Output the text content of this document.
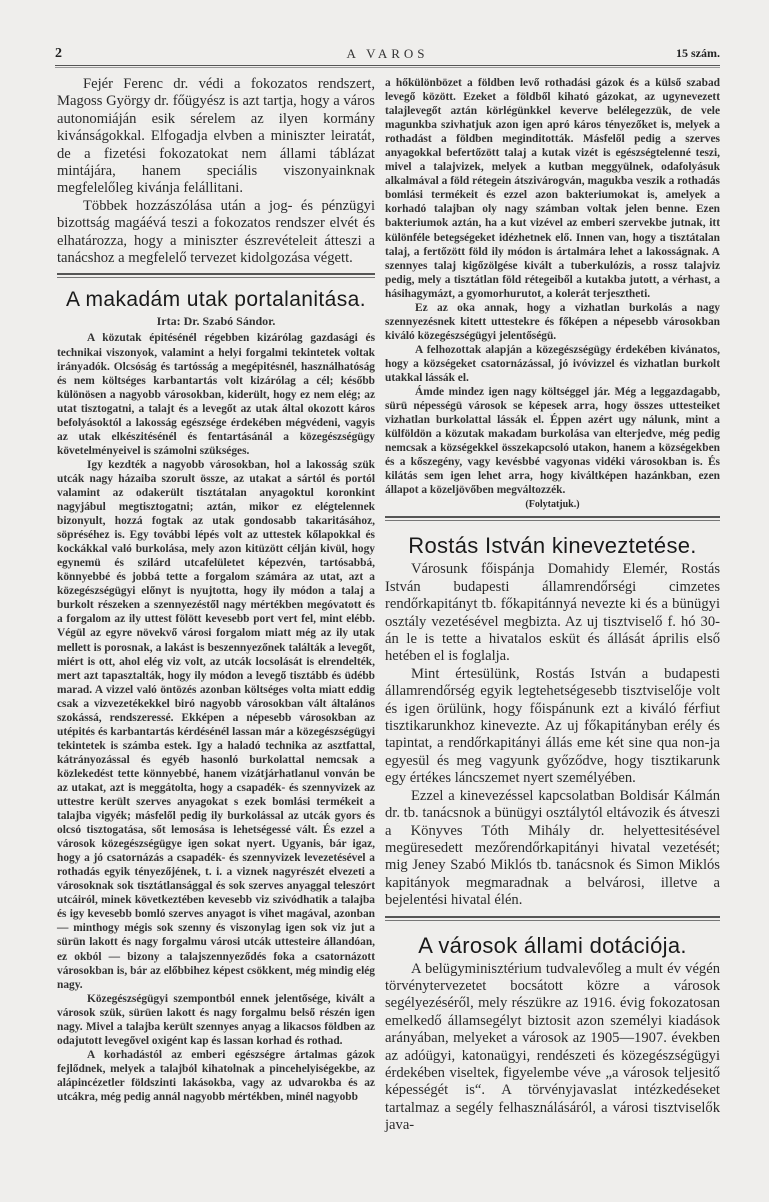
2	A VAROS	15 szám.

Fejér Ferenc dr. védi a fokozatos rendszert, Magoss György dr. főügyész is azt tartja, hogy a város autonomiáján esik sérelem az ilyen kormány kivánságokkal. Elfogadja elvben a miniszter leiratát, de a fizetési fokozatokat nem állami táblázat mintájára, hanem speciális viszonyainknak megfelelőleg kivánja felállitani.

Többek hozzászólása után a jog- és pénzügyi bizottság magáévá teszi a fokozatos rendszer elvét és elhatározza, hogy a miniszter észrevételeit átteszi a tanácshoz a megfelelő tervezet kidolgozása végett.

A makadám utak portalanitása.
Irta: Dr. Szabó Sándor.

A közutak épitésénél régebben kizárólag gazdasági és technikai viszonyok, valamint a helyi forgalmi tekintetek voltak irányadók. Olcsóság és tartósság a megépitésnél, használhatóság és nem költséges karbantartás volt kizárólag a cél; később különösen a nagyobb városokban, kiderült, hogy ez nem elég; az utat tisztogatni, a talajt és a levegőt az utak által okozott káros befolyásoktól a lakosság egészsége érdekében mégvédeni, vagyis az utak elkészitésénél és fentartásánál a közegészségügy követelményeivel is számolni szükséges.

Igy kezdték a nagyobb városokban, hol a lakosság szük utcák nagy házaiba szorult össze, az utakat a sártól és portól valamint az odakerült tisztátalan anyagoktul koronkint nagyjábul megtisztogatni; aztán, mikor ez elégtelennek bizonyult, hozzá fogtak az utak gondosabb takaritásához, söpréséhez is. Egy további lépés volt az uttestek kőlapokkal és kockákkal való burkolása, mely azon kitüzött célján kivül, hogy egynemü és szilárd utcafelületet képezvén, tartósabbá, könnyebbé és jobbá tette a forgalom számára az utat, azt a közegészségügyi előnyt is nyujtotta, hogy ily módon a talaj a burkolt részeken a szennyezéstől nagy mértékben megóvatott és a forgalom az ily uttest fölött kevesebb port vert fel, mint elébb. Végül az egyre növekvő városi forgalom miatt még az ily utak mellett is porosnak, a lakást is beszennyezőnek találták a levegőt, miért is ott, ahol elég viz volt, az utcák locsolását is elrendelték, mert azt tapasztalták, hogy ily módon a levegő tisztább és üdébb marad. A vizzel való öntözés azonban költséges volta miatt eddig csak a vizvezetékekkel biró nagyobb városokban vált általános szokássá, rendszeressé. Ekképen a népesebb városokban az utépités és karbantartás kérdésénél lassan már a közegészségügyi tekintetek is számba estek. Igy a haladó technika az asztfattal, kátrányozással és egyéb hasonló burkolattal nemcsak a közlekedést tette könnyebbé, hanem vizátjárhatlanul vonván be az utakat, azt is meggátolta, hogy a csapadék- és szennyvizek az uttestre került szerves anyagokat s ezek bomlási termékeit a talajba vigyék; másfelől pedig ily burkolással az utcák gyors és olcsó tisztogatása, sőt lemosása is lehetségessé vált. És ezzel a városok közegészségügye igen sokat nyert. Ugyanis, bár igaz, hogy a jó csatornázás a csapadék- és szennyvizek levezetésével a rothadás egyik tényezőjének, t. i. a viznek nagyrészét elvezeti a városoknak sok tisztátlansággal és sok szerves anyaggal teleszórt utcáiról, minek következtében kevesebb viz szivódhatik a talajba és igy kevesebb bomló szerves anyagot is vihet magával, azonban — minthogy mégis sok szenny és viszonylag igen sok viz jut a sürün lakott és nagy forgalmu városi utcák uttesteire állandóan, ez okból — bizony a talajszennyeződés foka a csatornázott városokban is, bár az előbbihez képest csökkent, még mindig elég nagy.

Közegészségügyi szempontból ennek jelentősége, kivált a városok szük, sürüen lakott és nagy forgalmu belső részén igen nagy. Mivel a talajba került szennyes anyag a likacsos földben az odajutott levegővel oxigént kap és lassan korhad és rothad.

A korhadástól az emberi egészségre ártalmas gázok fejlődnek, melyek a talajból kihatolnak a pincehelyiségekbe, az alápincézetler földszinti lakásokba, vagy az udvarokba és az utcákra, még pedig annál nagyobb mértékben, minél nagyobb

a hőkülönbözet a földben levő rothadási gázok és a külső szabad levegő között. Ezeket a földből kiható gázokat, az ugynevezett talajlevegőt aztán körlégünkkel keverve belélegezzük, de vele magunkba szivhatjuk azon igen apró káros tényezőket is, melyek a rothadást a földben meginditották. Másfelől pedig a szerves anyagokkal befertőzött talaj a kutak vizét is egészségtelenné teszi, mivel a talajvizek, melyek a kutban meggyülnek, odafolyásuk alkalmával a föld rétegein átszivárogván, magukba veszik a rothadás bomlási termékeit és ezzel azon bakteriumokat is, amelyek a korhadó talajban oly nagy számban voltak jelen benne. Ezen bakteriumok aztán, ha a kut vizével az emberi szervekbe jutnak, itt különféle betegségeket idézhetnek elő. Innen van, hogy a tisztátalan talaj, a fertőzött föld ily módon is ártalmára lehet a lakosságnak. A szennyes talaj kigőzölgése kivált a tuberkulózis, a rossz talajviz pedig, mely a tisztátlan föld rétegeiből a kutakba jutott, a vérhast, a hásihagymázt, a gyomorhurutot, a kolerát terjesztheti.

Ez az oka annak, hogy a vizhatlan burkolás a nagy szennyezésnek kitett uttestekre és főképen a népesebb városokban kiváló közegészségügyi jelentőségü.

A felhozottak alapján a közegészségügy érdekében kivánatos, hogy a községeket csatornázással, jó ivóvizzel és vizhatlan burkolt utakkal lássák el.

Ámde mindez igen nagy költséggel jár. Még a leggazdagabb, sürü népességü városok se képesek arra, hogy összes uttesteiket vizhatlan burkolattal lássák el. Éppen azért ugy nálunk, mint a külföldön a közutak makadam burkolása van elterjedve, még pedig nemcsak a községekkel összekapcsoló utakon, hanem a községekben és a kőszegény, vagy kevésbbé vagyonas vidéki városokban is. És kilátás sem igen lehet arra, hogy kiváltképen hazánkban, ezen állapot a közeljövőben megváltozzék.

(Folytatjuk.)
Rostás István kineveztetése.

Városunk főispánja Domahidy Elemér, Rostás István budapesti államrendőrségi cimzetes rendőrkapitányt tb. főkapitánnyá nevezte ki és a bünügyi osztály vezetésével megbizta. Az uj tisztviselő f. hó 30-án le is tette a hivatalos esküt és állását április első hetében el is foglalja.

Mint értesülünk, Rostás István a budapesti államrendőrség egyik legtehetségesebb tisztviselője volt és igen örülünk, hogy főispánunk ezt a kiváló férfiut tisztikarunkhoz kinevezte. Az uj főkapitányban erély és tapintat, a rendőrkapitányi állás eme két sine qua non-ja egyesül és meg vagyunk győződve, hogy tisztikarunk egy értékes láncszemet nyert személyében.

Ezzel a kinevezéssel kapcsolatban Boldisár Kálmán dr. tb. tanácsnok a bünügyi osztálytól eltávozik és átveszi a Könyves Tóth Mihály dr. helyettesitésével megüresedett mezőrendőrkapitányi hivatal vezetését; mig Jeney Szabó Miklós tb. tanácsnok és Simon Miklós kapitányok megmaradnak a belvárosi, illetve a bejelentési hivatal élén.

A városok állami dotációja.

A belügyminisztérium tudvalevőleg a mult év végén törvénytervezetet bocsátott közre a városok segélyezéséről, mely részükre az 1916. évig fokozatosan emelkedő államsegélyt biztosit azon személyi kiadások arányában, melyeket a városok az 1905—1907. években az adóügyi, katonaügyi, rendészeti és közegészségügyi érdekében viseltek, figyelembe véve „a városok teljesitő képességét is“. A törvényjavaslat intézkedéseket tartalmaz a segély felhasználásáról, a városi tisztviselők java-
